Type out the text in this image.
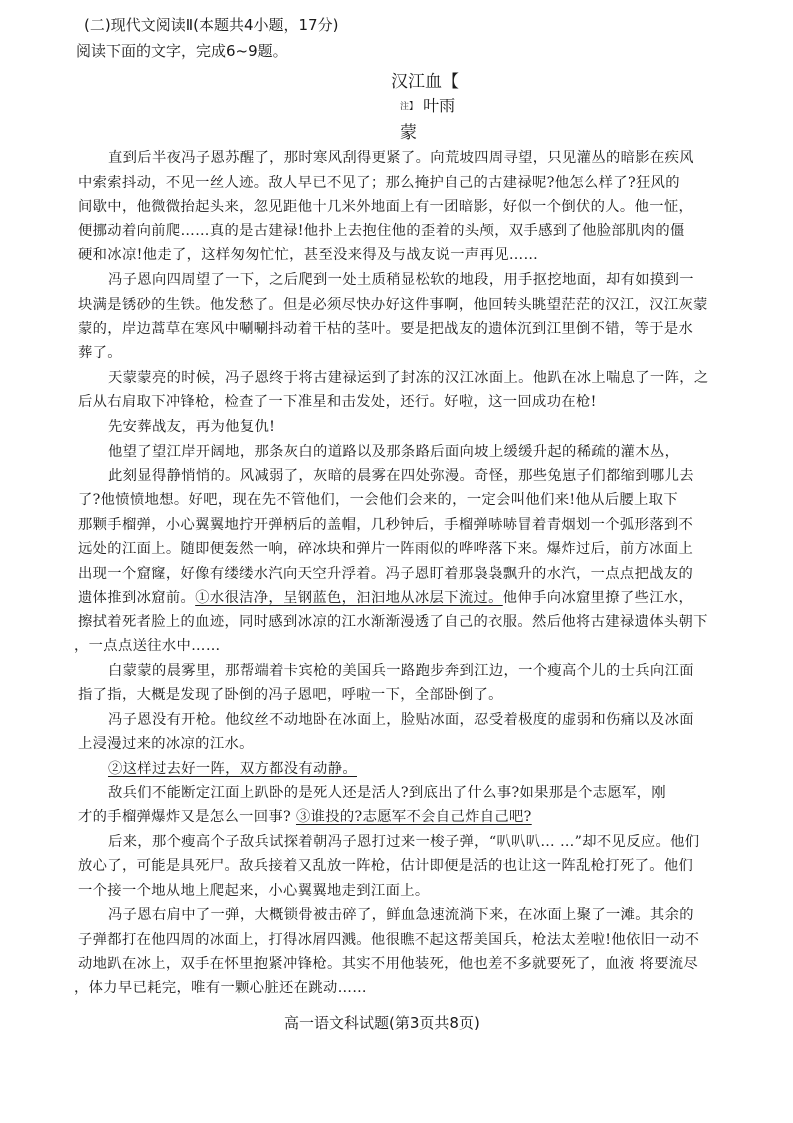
(二)现代文阅读Ⅱ(本题共4小题，17分)
阅读下面的文字，完成6~9题。
汉江血【
注】 叶雨
蒙
直到后半夜冯子恩苏醒了，那时寒风刮得更紧了。向荒坡四周寻望，只见灌丛的暗影在疾风
中索索抖动，不见一丝人迹。敌人早已不见了；那么掩护自己的古建禄呢?他怎么样了?狂风的
间歇中，他微微抬起头来，忽见距他十几米外地面上有一团暗影，好似一个倒伏的人。他一怔，
便挪动着向前爬……真的是古建禄!他扑上去抱住他的歪着的头颅，双手感到了他脸部肌肉的僵
硬和冰凉!他走了，这样匆匆忙忙，甚至没来得及与战友说一声再见……
冯子恩向四周望了一下，之后爬到一处土质稍显松软的地段，用手抠挖地面，却有如摸到一
块满是锈砂的生铁。他发愁了。但是必须尽快办好这件事啊，他回转头眺望茫茫的汉江，汉江灰蒙
蒙的，岸边蒿草在寒风中唰唰抖动着干枯的茎叶。要是把战友的遗体沉到江里倒不错，等于是水
葬了。
天蒙蒙亮的时候，冯子恩终于将古建禄运到了封冻的汉江冰面上。他趴在冰上喘息了一阵，之
后从右肩取下冲锋枪，检查了一下准星和击发处，还行。好啦，这一回成功在枪!
先安葬战友，再为他复仇!
他望了望江岸开阔地，那条灰白的道路以及那条路后面向坡上缓缓升起的稀疏的灌木丛，
此刻显得静悄悄的。风减弱了，灰暗的晨雾在四处弥漫。奇怪，那些兔崽子们都缩到哪儿去
了?他愤愤地想。好吧，现在先不管他们，一会他们会来的，一定会叫他们来!他从后腰上取下
那颗手榴弹，小心翼翼地拧开弹柄后的盖帽，几秒钟后，手榴弹哧哧冒着青烟划一个弧形落到不
远处的江面上。随即便轰然一响，碎冰块和弹片一阵雨似的哗哗落下来。爆炸过后，前方冰面上
出现一个窟窿，好像有缕缕水汽向天空升浮着。冯子恩盯着那袅袅飘升的水汽，一点点把战友的
遗体推到冰窟前。①水很洁净，呈钢蓝色，汩汩地从冰层下流过。他伸手向冰窟里撩了些江水，
擦拭着死者脸上的血迹，同时感到冰凉的江水渐渐漫透了自己的衣服。然后他将古建禄遗体头朝下
，一点点送往水中……
白蒙蒙的晨雾里，那帮端着卡宾枪的美国兵一路跑步奔到江边，一个瘦高个儿的士兵向江面
指了指，大概是发现了卧倒的冯子恩吧，呼啦一下，全部卧倒了。
冯子恩没有开枪。他纹丝不动地卧在冰面上，脸贴冰面，忍受着极度的虚弱和伤痛以及冰面
上浸漫过来的冰凉的江水。
②这样过去好一阵，双方都没有动静。
敌兵们不能断定江面上趴卧的是死人还是活人?到底出了什么事?如果那是个志愿军，刚
才的手榴弹爆炸又是怎么一回事? ③谁投的?志愿军不会自己炸自己吧?
后来，那个瘦高个子敌兵试探着朝冯子恩打过来一梭子弹，“叭叭叭… …”却不见反应。他们
放心了，可能是具死尸。敌兵接着又乱放一阵枪，估计即便是活的也让这一阵乱枪打死了。他们
一个接一个地从地上爬起来，小心翼翼地走到江面上。
冯子恩右肩中了一弹，大概锁骨被击碎了，鲜血急速流淌下来，在冰面上聚了一滩。其余的
子弹都打在他四周的冰面上，打得冰屑四溅。他很瞧不起这帮美国兵，枪法太差啦!他依旧一动不
动地趴在冰上，双手在怀里抱紧冲锋枪。其实不用他装死，他也差不多就要死了，血液 将要流尽
，体力早已耗完，唯有一颗心脏还在跳动……
高一语文科试题(第3页共8页)
